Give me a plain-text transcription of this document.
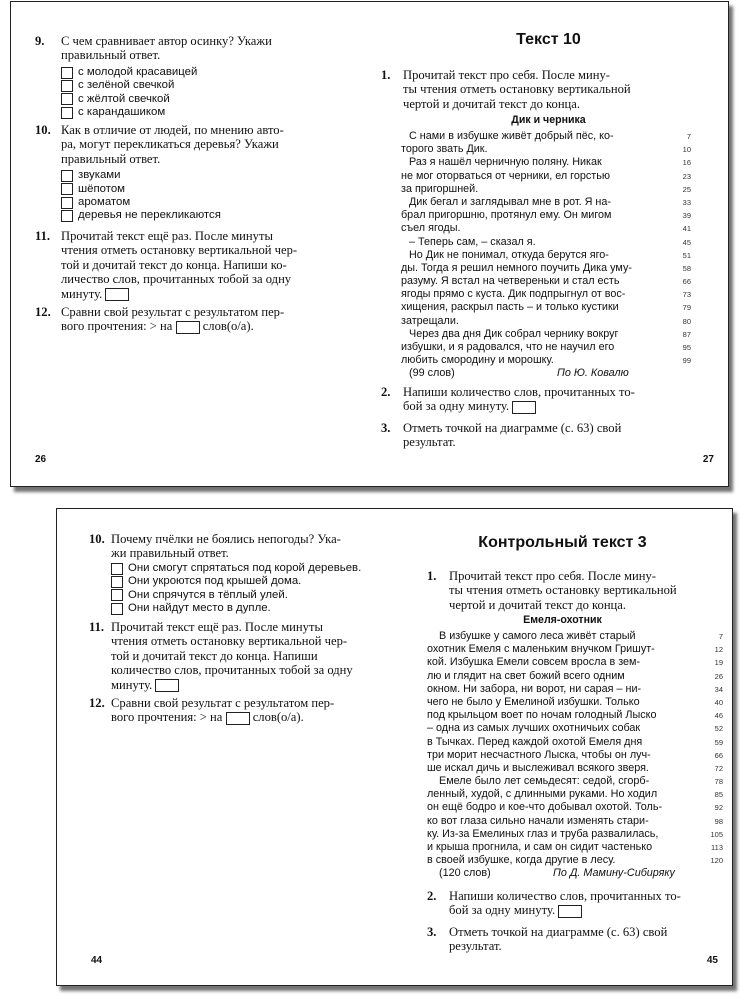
9. С чем сравнивает автор осинку? Укажи
правильный ответ.
с молодой красавицей
с зелёной свечкой
с жёлтой свечкой
с карандашиком
10. Как в отличие от людей, по мнению авто-
ра, могут перекликаться деревья? Укажи
правильный ответ.
звуками
шёпотом
ароматом
деревья не перекликаются
11. Прочитай текст ещё раз. После минуты
чтения отметь остановку вертикальной чер-
той и дочитай текст до конца. Напиши ко-
личество слов, прочитанных тобой за одну
минуту.
12. Сравни свой результат с результатом пер-
вого прочтения: > на слов(о/а).
26
Текст 10
1. Прочитай текст про себя. После мину-
ты чтения отметь остановку вертикальной
чертой и дочитай текст до конца.
Дик и черника
С нами в избушке живёт добрый пёс, ко-	7
торого звать Дик.	10
Раз я нашёл черничную поляну. Никак	16
не мог оторваться от черники, ел горстью	23
за пригоршней.	25
Дик бегал и заглядывал мне в рот. Я на-	33
брал пригоршню, протянул ему. Он мигом	39
съел ягоды.	41
– Теперь сам, – сказал я.	45
Но Дик не понимал, откуда берутся яго-	51
ды. Тогда я решил немного поучить Дика уму-	58
разуму. Я встал на четвереньки и стал есть	66
ягоды прямо с куста. Дик подпрыгнул от вос-	73
хищения, раскрыл пасть – и только кустики	79
затрещали.	80
Через два дня Дик собрал чернику вокруг	87
избушки, и я радовался, что не научил его	95
любить смородину и морошку.	99
(99 слов)	По Ю. Ковалю
2. Напиши количество слов, прочитанных то-
бой за одну минуту.
3. Отметь точкой на диаграмме (с. 63) свой
результат.
27
10. Почему пчёлки не боялись непогоды? Ука-
жи правильный ответ.
Они смогут спрятаться под корой деревьев.
Они укроются под крышей дома.
Они спрячутся в тёплый улей.
Они найдут место в дупле.
11. Прочитай текст ещё раз. После минуты
чтения отметь остановку вертикальной чер-
той и дочитай текст до конца. Напиши
количество слов, прочитанных тобой за одну
минуту.
12. Сравни свой результат с результатом пер-
вого прочтения: > на слов(о/а).
44
Контрольный текст 3
1. Прочитай текст про себя. После мину-
ты чтения отметь остановку вертикальной
чертой и дочитай текст до конца.
Емеля-охотник
В избушке у самого леса живёт старый	7
охотник Емеля с маленьким внучком Гришут-	12
кой. Избушка Емели совсем вросла в зем-	19
лю и глядит на свет божий всего одним	26
окном. Ни забора, ни ворот, ни сарая – ни-	34
чего не было у Емелиной избушки. Только	40
под крыльцом воет по ночам голодный Лыско	46
– одна из самых лучших охотничьих собак	52
в Тычках. Перед каждой охотой Емеля дня	59
три морит несчастного Лыска, чтобы он луч-	66
ше искал дичь и выслеживал всякого зверя.	72
Емеле было лет семьдесят: седой, сгорб-	78
ленный, худой, с длинными руками. Но ходил	85
он ещё бодро и кое-что добывал охотой. Толь-	92
ко вот глаза сильно начали изменять стари-	98
ку. Из-за Емелиных глаз и труба развалилась,	105
и крыша прогнила, и сам он сидит частенько	113
в своей избушке, когда другие в лесу.	120
(120 слов)	По Д. Мамину-Сибиряку
2. Напиши количество слов, прочитанных то-
бой за одну минуту.
3. Отметь точкой на диаграмме (с. 63) свой
результат.
45
